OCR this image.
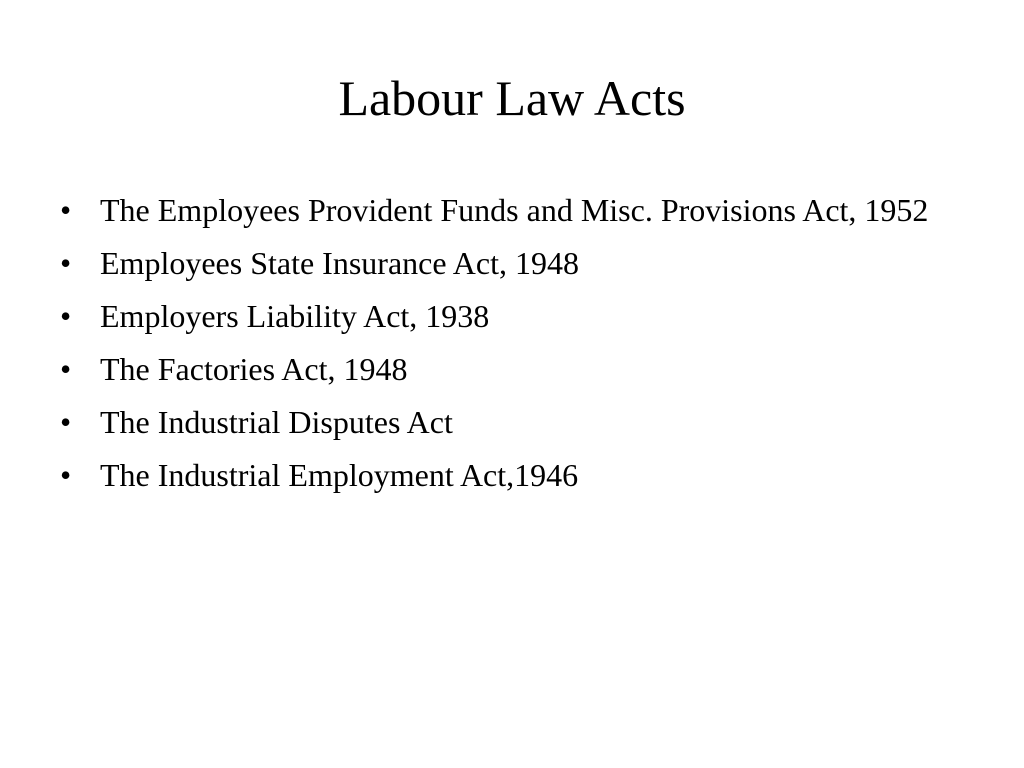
Labour Law Acts
• The Employees Provident Funds and Misc. Provisions Act, 1952
• Employees State Insurance Act, 1948
• Employers Liability Act, 1938
• The Factories Act, 1948
• The Industrial Disputes Act
• The Industrial Employment Act,1946
